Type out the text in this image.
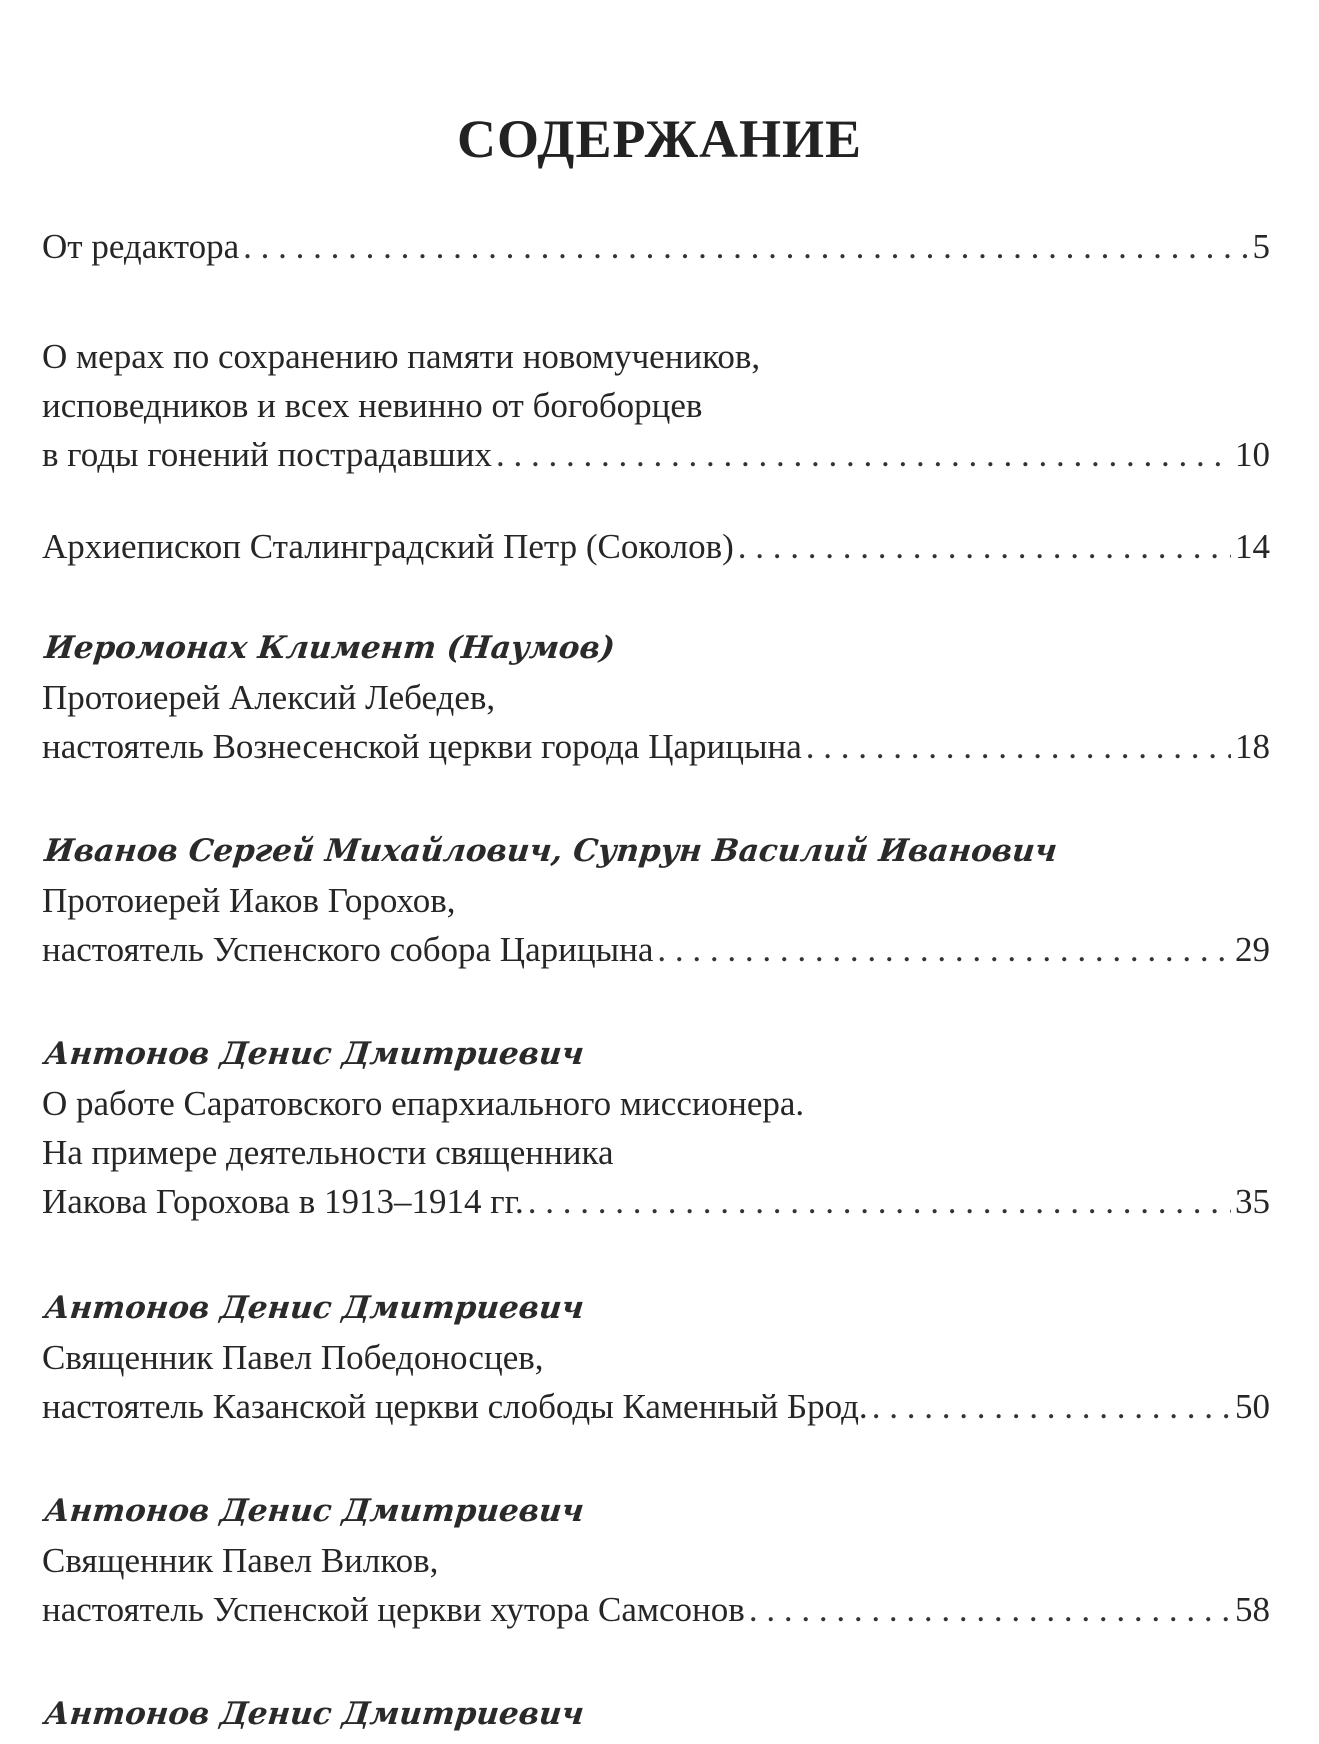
СОДЕРЖАНИЕ
От редактора . . .	5
О мерах по сохранению памяти новомучеников,
исповедников и всех невинно от богоборцев
в годы гонений пострадавших . . .	10
Архиепископ Сталинградский Петр (Соколов) . . .	14
Иеромонах Климент (Наумов)
Протоиерей Алексий Лебедев,
настоятель Вознесенской церкви города Царицына . . .	18
Иванов Сергей Михайлович, Супрун Василий Иванович
Протоиерей Иаков Горохов,
настоятель Успенского собора Царицына . . .	29
Антонов Денис Дмитриевич
О работе Саратовского епархиального миссионера.
На примере деятельности священника
Иакова Горохова в 1913–1914 гг. . . .	35
Антонов Денис Дмитриевич
Священник Павел Победоносцев,
настоятель Казанской церкви слободы Каменный Брод. . . .	50
Антонов Денис Дмитриевич
Священник Павел Вилков,
настоятель Успенской церкви хутора Самсонов . . .	58
Антонов Денис Дмитриевич
